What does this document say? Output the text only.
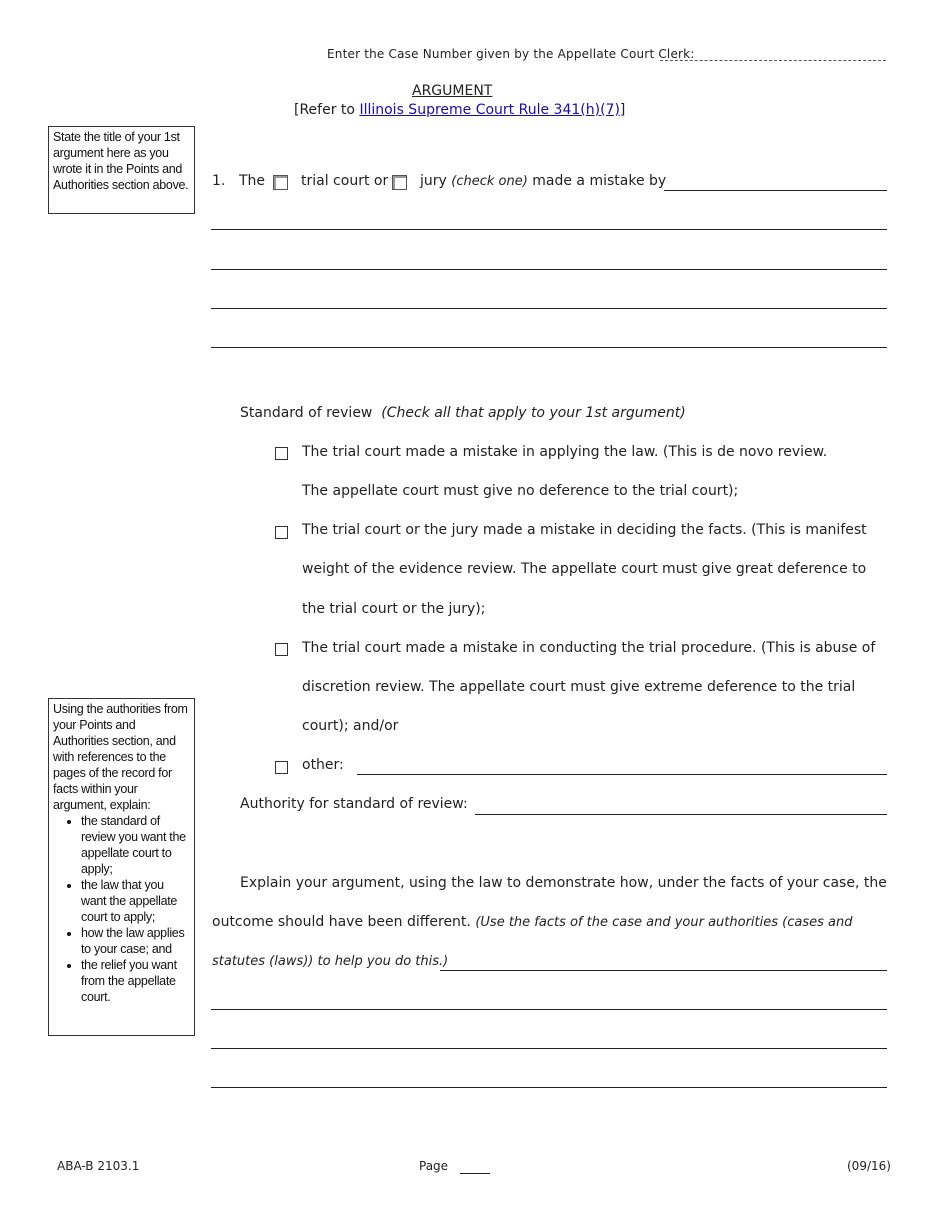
Enter the Case Number given by the Appellate Court Clerk:
ARGUMENT
[Refer to Illinois Supreme Court Rule 341(h)(7)]
State the title of your 1st argument here as you wrote it in the Points and Authorities section above.	1. The	trial court or jury (check one) made a mistake by
Standard of review (Check all that apply to your 1st argument)
The trial court made a mistake in applying the law. (This is de novo review.
The appellate court must give no deference to the trial court);
The trial court or the jury made a mistake in deciding the facts. (This is manifest
weight of the evidence review. The appellate court must give great deference to
the trial court or the jury);
The trial court made a mistake in conducting the trial procedure. (This is abuse of
discretion review. The appellate court must give extreme deference to the trial
court); and/or
other:
Authority for standard of review:
Using the authorities from your Points and Authorities section, and with references to the pages of the record for facts within your argument, explain:
• the standard of review you want the appellate court to apply;
• the law that you want the appellate court to apply;
• how the law applies to your case; and
• the relief you want from the appellate court.
Explain your argument, using the law to demonstrate how, under the facts of your case, the
outcome should have been different. (Use the facts of the case and your authorities (cases and
statutes (laws)) to help you do this.)
ABA-B 2103.1	Page	(09/16)
